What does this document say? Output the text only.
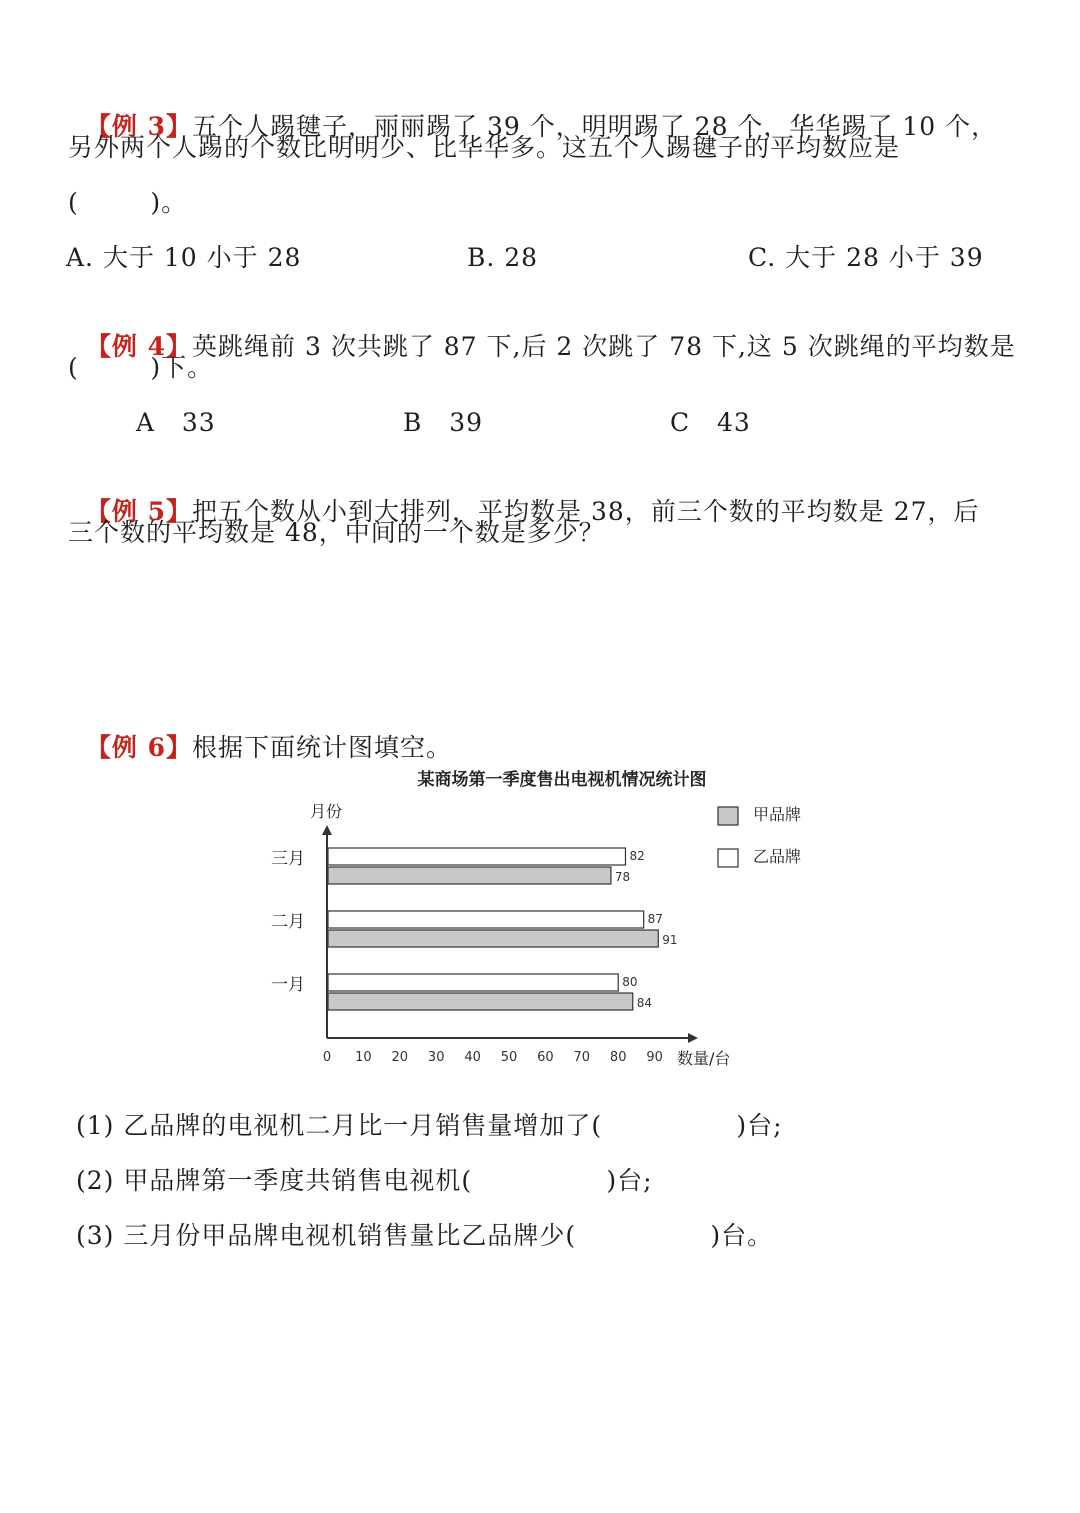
【例 3】五个人踢毽子，丽丽踢了 39 个，明明踢了 28 个，华华踢了 10 个，

另外两个人踢的个数比明明少、比华华多。这五个人踢毽子的平均数应是
(        )。
A. 大于 10 小于 28	B. 28	C. 大于 28 小于 39

【例 4】英跳绳前 3 次共跳了 87 下,后 2 次跳了 78 下,这 5 次跳绳的平均数是

(        )下。
A   33	B   39	C   43

【例 5】把五个数从小到大排列，平均数是 38，前三个数的平均数是 27，后

三个数的平均数是 48，中间的一个数是多少？

【例 6】根据下面统计图填空。

某商场第一季度售出电视机情况统计图
月份
数量/台
0 10 20 30 40 50 60 70 80 90
一月	80
84
二月	87
91
三月	82
78
甲品牌
乙品牌
(1) 乙品牌的电视机二月比一月销售量增加了(               )台;
(2) 甲品牌第一季度共销售电视机(               )台;
(3) 三月份甲品牌电视机销售量比乙品牌少(               )台。
